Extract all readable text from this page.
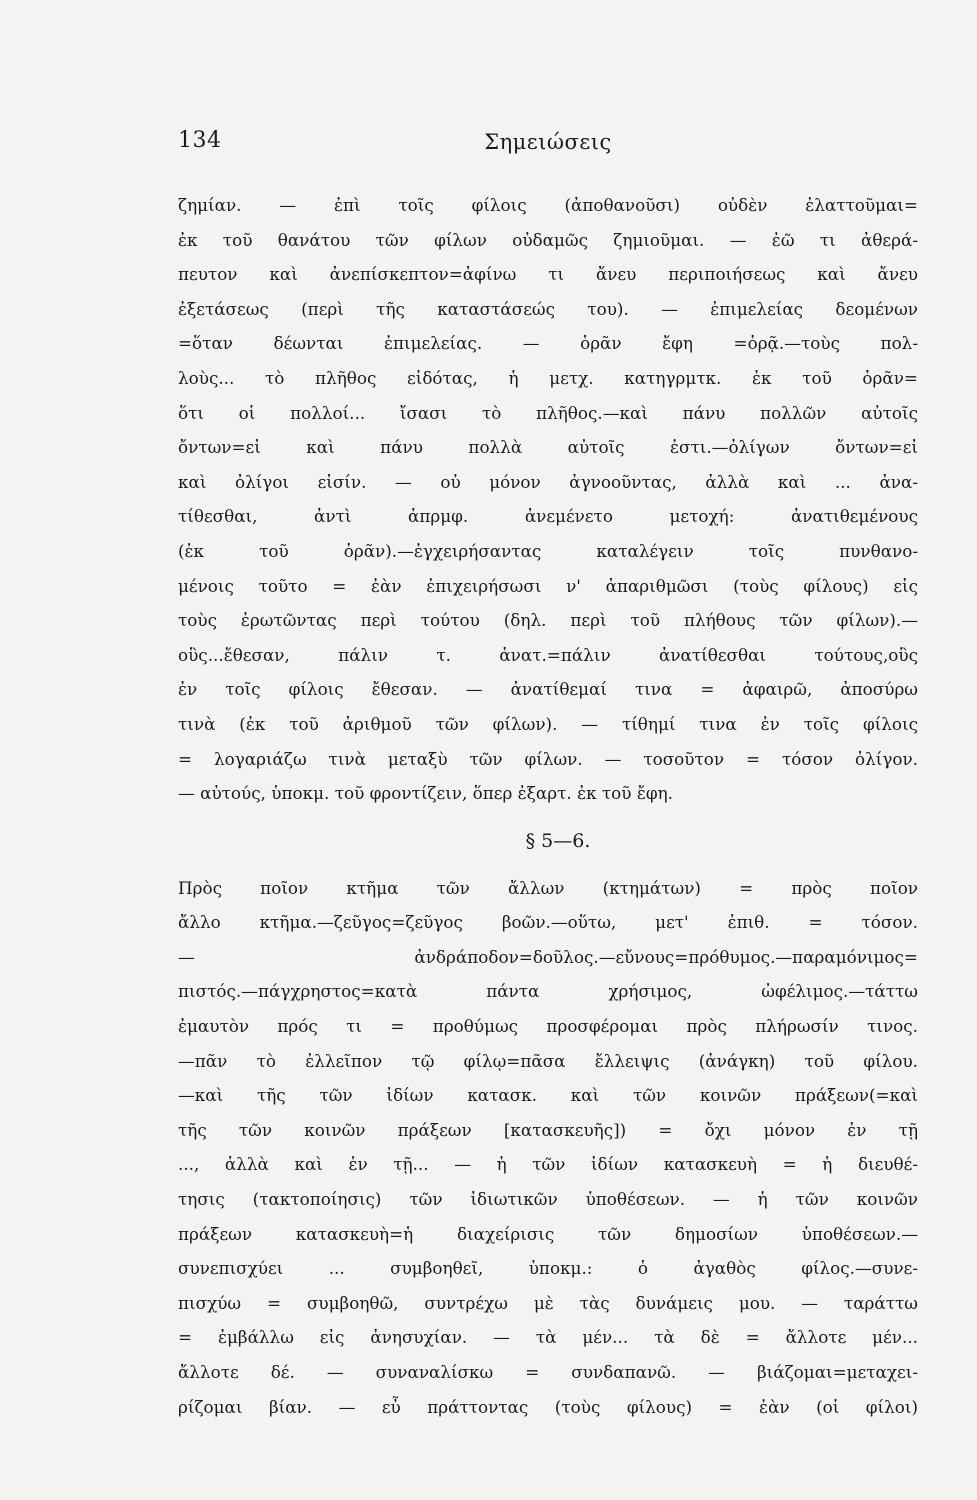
134	Σημειώσεις
ζημίαν. — ἐπὶ τοῖς φίλοις (ἀποθανοῦσι) οὐδὲν ἐλαττοῦμαι=
ἐκ τοῦ θανάτου τῶν φίλων οὐδαμῶς ζημιοῦμαι. — ἐῶ τι ἀθερά-
πευτον καὶ ἀνεπίσκεπτον=ἀφίνω τι ἄνευ περιποιήσεως καὶ ἄνευ
ἐξετάσεως (περὶ τῆς καταστάσεώς του). — ἐπιμελείας δεομένων
=ὅταν δέωνται ἐπιμελείας. — ὁρᾶν ἔφη =ὁρᾷ.—τοὺς πολ-
λοὺς... τὸ πλῆθος εἰδότας, ἡ μετχ. κατηγρμτκ. ἐκ τοῦ ὁρᾶν=
ὅτι οἱ πολλοί... ἴσασι τὸ πλῆθος.—καὶ πάνυ πολλῶν αὐτοῖς
ὄντων=εἰ καὶ πάνυ πολλὰ αὐτοῖς ἐστι.—ὀλίγων ὄντων=εἰ
καὶ ὀλίγοι εἰσίν. — οὐ μόνον ἀγνοοῦντας, ἀλλὰ καὶ ... ἀνα-
τίθεσθαι, ἀντὶ ἀπρμφ. ἀνεμένετο μετοχή: ἀνατιθεμένους
(ἐκ τοῦ ὁρᾶν).—ἐγχειρήσαντας καταλέγειν τοῖς πυνθανο-
μένοις τοῦτο = ἐὰν ἐπιχειρήσωσι ν' ἀπαριθμῶσι (τοὺς φίλους) εἰς
τοὺς ἐρωτῶντας περὶ τούτου (δηλ. περὶ τοῦ πλήθους τῶν φίλων).—
οὓς...ἔθεσαν, πάλιν τ. ἀνατ.=πάλιν ἀνατίθεσθαι τούτους,οὓς
ἐν τοῖς φίλοις ἔθεσαν. — ἀνατίθεμαί τινα = ἀφαιρῶ, ἀποσύρω
τινὰ (ἐκ τοῦ ἀριθμοῦ τῶν φίλων). — τίθημί τινα ἐν τοῖς φίλοις
= λογαριάζω τινὰ μεταξὺ τῶν φίλων. — τοσοῦτον = τόσον ὀλίγον.
— αὐτούς, ὑποκμ. τοῦ φροντίζειν, ὅπερ ἐξαρτ. ἐκ τοῦ ἔφη.
§ 5—6.
Πρὸς ποῖον κτῆμα τῶν ἄλλων (κτημάτων) = πρὸς ποῖον
ἄλλο κτῆμα.—ζεῦγος=ζεῦγος βοῶν.—οὕτω, μετ' ἐπιθ. = τόσον.
— ἀνδράποδον=δοῦλος.—εὔνους=πρόθυμος.—παραμόνιμος=
πιστός.—πάγχρηστος=κατὰ πάντα χρήσιμος, ὠφέλιμος.—τάττω
ἐμαυτὸν πρός τι = προθύμως προσφέρομαι πρὸς πλήρωσίν τινος.
—πᾶν τὸ ἐλλεῖπον τῷ φίλῳ=πᾶσα ἔλλειψις (ἀνάγκη) τοῦ φίλου.
—καὶ τῆς τῶν ἰδίων κατασκ. καὶ τῶν κοινῶν πράξεων(=καὶ
τῆς τῶν κοινῶν πράξεων [κατασκευῆς]) = ὄχι μόνον ἐν τῇ
..., ἀλλὰ καὶ ἐν τῇ... — ἡ τῶν ἰδίων κατασκευὴ = ἡ διευθέ-
τησις (τακτοποίησις) τῶν ἰδιωτικῶν ὑποθέσεων. — ἡ τῶν κοινῶν
πράξεων κατασκευὴ=ἡ διαχείρισις τῶν δημοσίων ὑποθέσεων.—
συνεπισχύει ... συμβοηθεῖ, ὑποκμ.: ὁ ἀγαθὸς φίλος.—συνε-
πισχύω = συμβοηθῶ, συντρέχω μὲ τὰς δυνάμεις μου. — ταράττω
= ἐμβάλλω εἰς ἀνησυχίαν. — τὰ μέν... τὰ δὲ = ἄλλοτε μέν...
ἄλλοτε δέ. — συναναλίσκω = συνδαπανῶ. — βιάζομαι=μεταχει-
ρίζομαι βίαν. — εὖ πράττοντας (τοὺς φίλους) = ἐὰν (οἱ φίλοι)
